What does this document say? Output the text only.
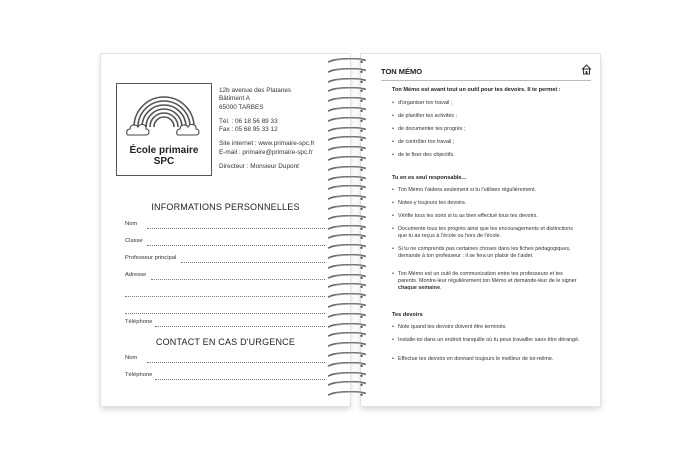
École primaire SPC
12b avenue des Platanes
Bâtiment A
65000 TARBES
Tél. : 06 18 56 89 33
Fax : 05 68 95 33 12
Site internet : www.primaire-spc.fr
E-mail : primaire@primaire-spc.fr
Directeur : Monsieur Dupont
INFORMATIONS PERSONNELLES
Nom
Classe
Professeur principal
Adresse
Téléphone
CONTACT EN CAS D'URGENCE
Nom
Téléphone
TON MÉMO
Ton Mémo est avant tout un outil pour tes devoirs. Il te permet :
• d'organiser ton travail ;
• de planifier tes activités ;
• de documenter tes progrès ;
• de contrôler ton travail ;
• de te fixer des objectifs.
Tu en es seul responsable...
• Ton Mémo t'aidera seulement si tu l'utilises régulièrement.
• Notes-y toujours tes devoirs.
• Vérifie tous les soirs si tu as bien effectué tous tes devoirs.
• Documente tous tes progrès ainsi que les encouragements et distinctions que tu as reçus à l'école ou hors de l'école.
• Si tu ne comprends pas certaines choses dans les fiches pédagogiques, demande à ton professeur : il se fera un plaisir de t'aider.
• Ton Mémo est un outil de communication entre tes professeurs et tes parents. Montre-leur régulièrement ton Mémo et demande-leur de le signer chaque semaine.
Tes devoirs
• Note quand tes devoirs doivent être terminés.
• Installe-toi dans un endroit tranquille où tu peux travailler sans être dérangé.
• Effectue tes devoirs en donnant toujours le meilleur de toi-même.
